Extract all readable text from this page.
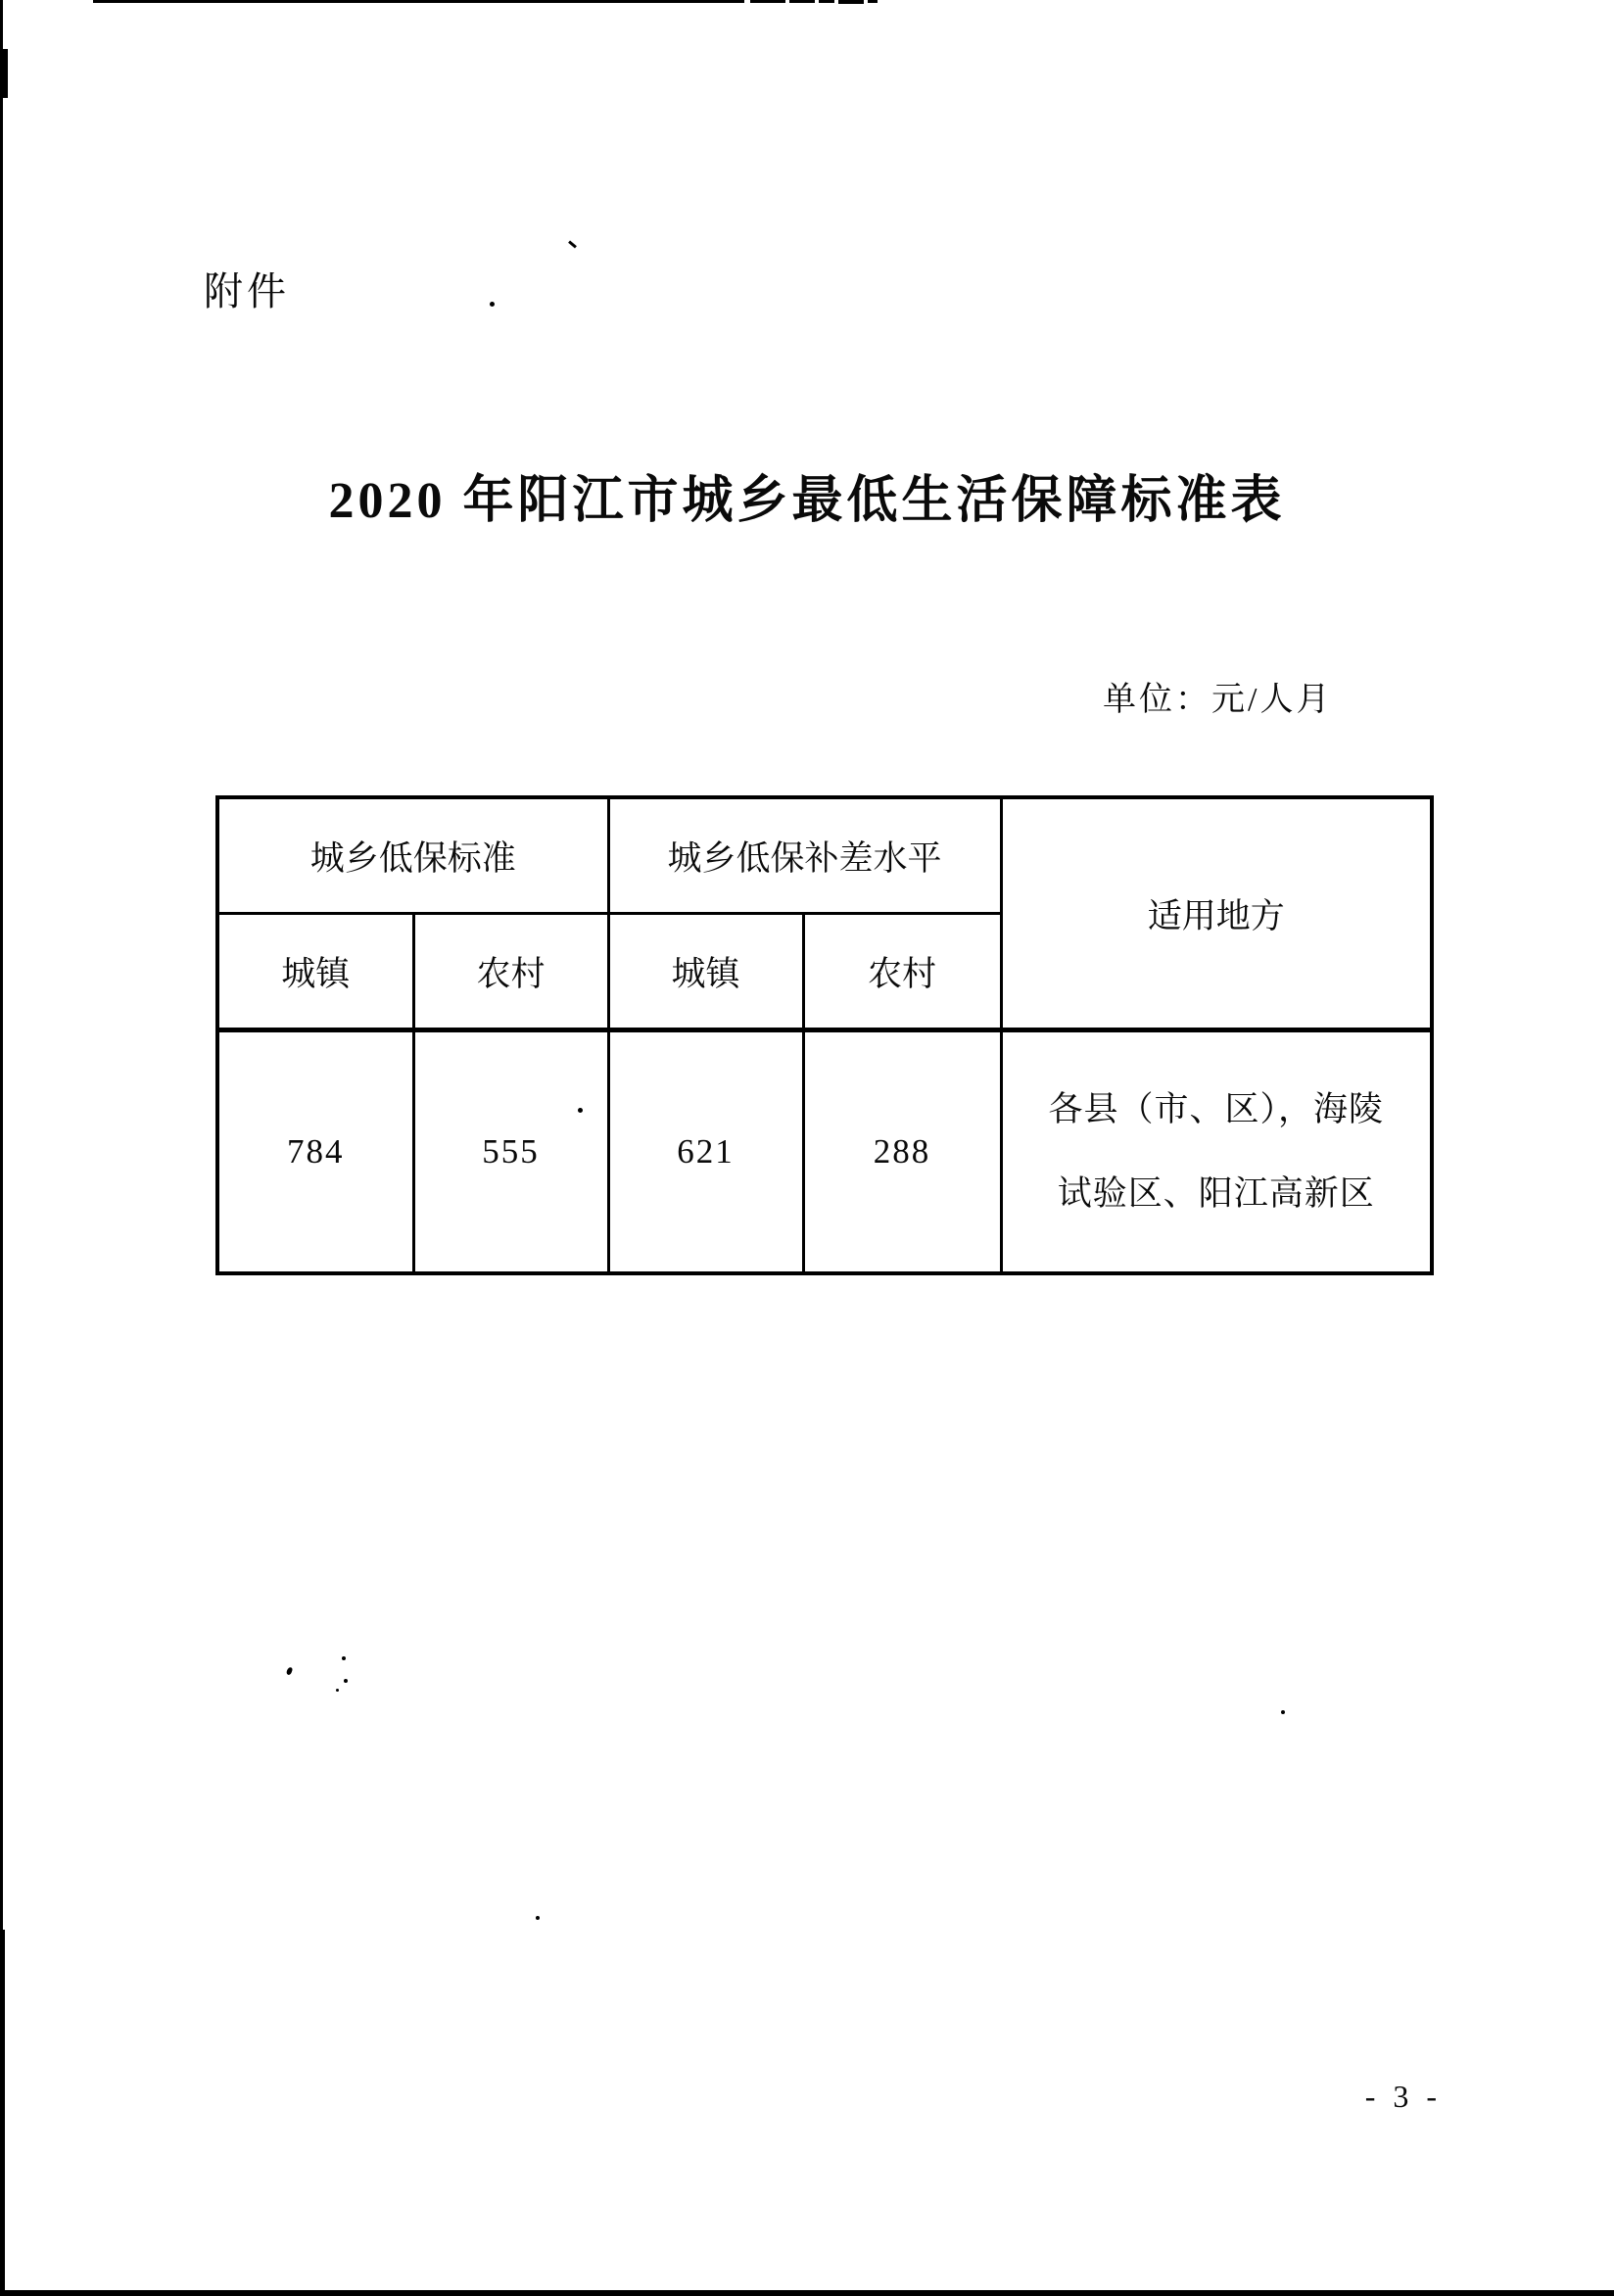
附件
2020 年阳江市城乡最低生活保障标准表
单位：元/人月
城乡低保标准		城乡低保补差水平		适用地方
城镇	农村	城镇	农村	
784	555	621	288	各县（市、区），海陵
试验区、阳江高新区
- 3 -
